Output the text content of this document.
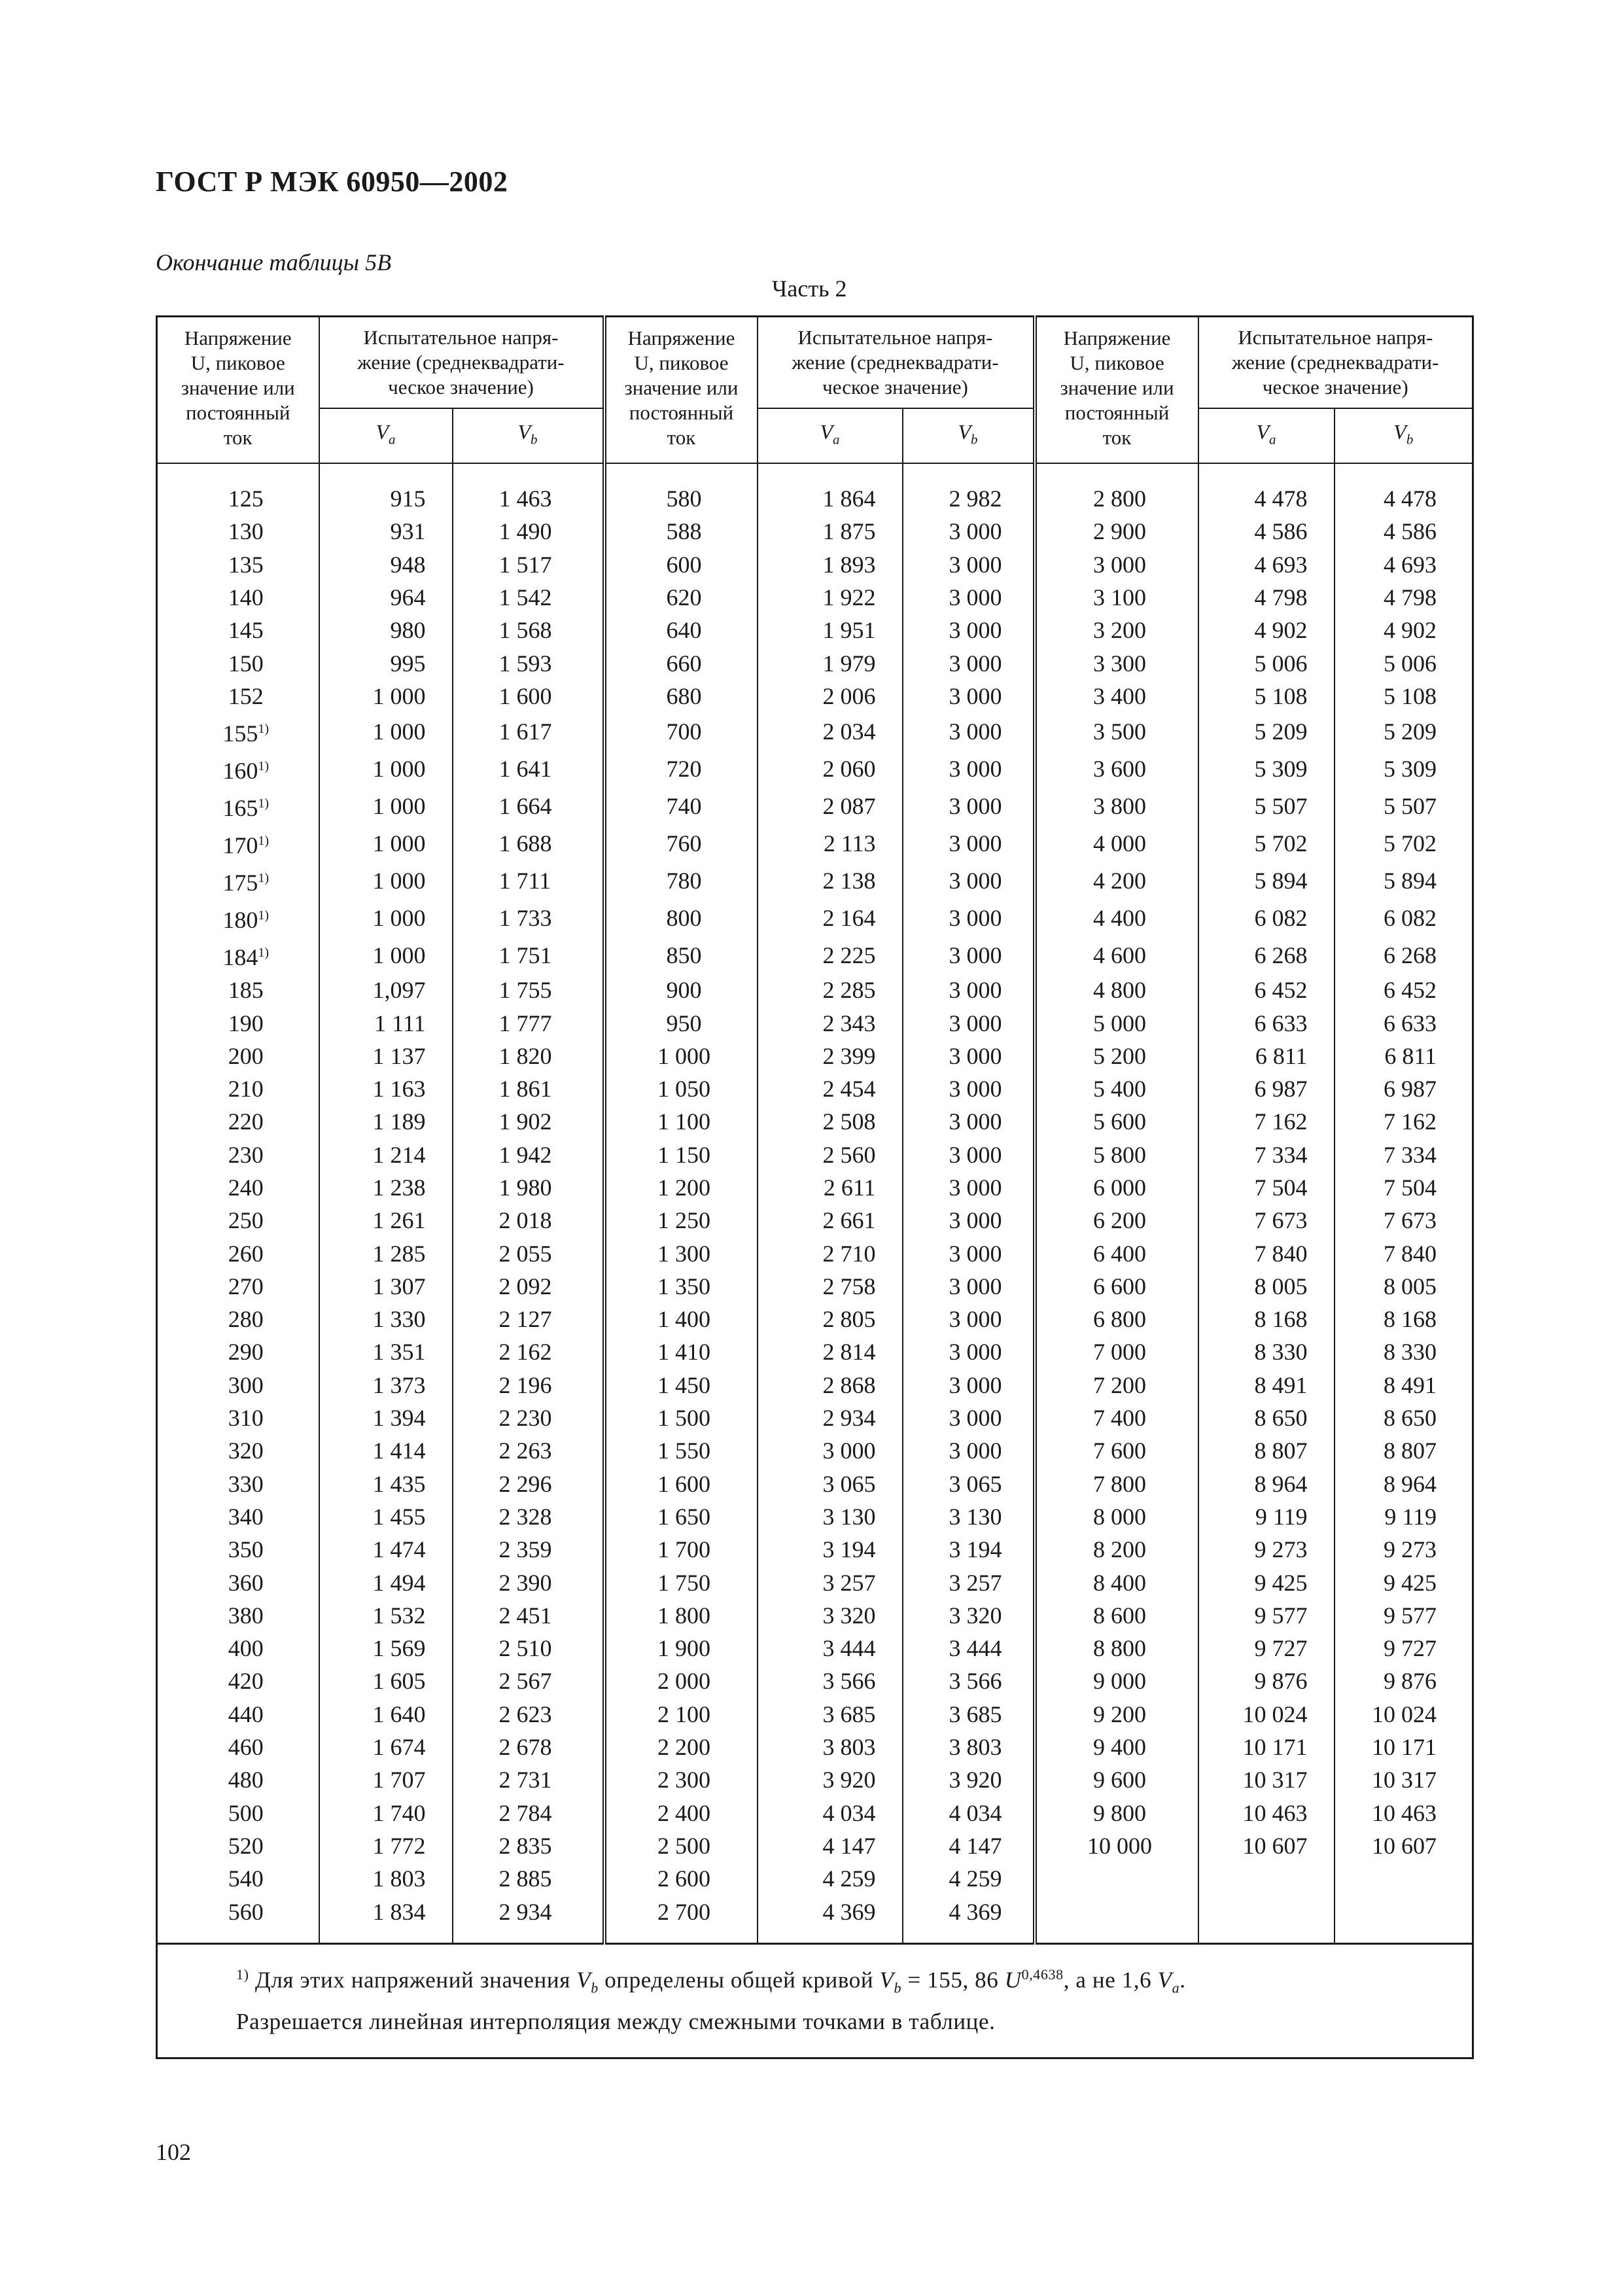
ГОСТ Р МЭК 60950—2002
Окончание таблицы 5В
Часть 2
Напряжение
U, пиковое
значение или
постоянный
ток	Испытательное напря-
жение (среднеквадрати-
ческое значение)		Напряжение
U, пиковое
значение или
постоянный
ток	Испытательное напря-
жение (среднеквадрати-
ческое значение)		Напряжение
U, пиковое
значение или
постоянный
ток	Испытательное напря-
жение (среднеквадрати-
ческое значение)	
	$V_a$	$V_b$		$V_a$	$V_b$		$V_a$	$V_b$

125	915	1 463	580	1 864	2 982	2 800	4 478	4 478
130	931	1 490	588	1 875	3 000	2 900	4 586	4 586
135	948	1 517	600	1 893	3 000	3 000	4 693	4 693
140	964	1 542	620	1 922	3 000	3 100	4 798	4 798
145	980	1 568	640	1 951	3 000	3 200	4 902	4 902
150	995	1 593	660	1 979	3 000	3 300	5 006	5 006
152	1 000	1 600	680	2 006	3 000	3 400	5 108	5 108
155$^{1)}$	1 000	1 617	700	2 034	3 000	3 500	5 209	5 209
160$^{1)}$	1 000	1 641	720	2 060	3 000	3 600	5 309	5 309
165$^{1)}$	1 000	1 664	740	2 087	3 000	3 800	5 507	5 507
170$^{1)}$	1 000	1 688	760	2 113	3 000	4 000	5 702	5 702
175$^{1)}$	1 000	1 711	780	2 138	3 000	4 200	5 894	5 894
180$^{1)}$	1 000	1 733	800	2 164	3 000	4 400	6 082	6 082
184$^{1)}$	1 000	1 751	850	2 225	3 000	4 600	6 268	6 268
185	1,097	1 755	900	2 285	3 000	4 800	6 452	6 452
190	1 111	1 777	950	2 343	3 000	5 000	6 633	6 633
200	1 137	1 820	1 000	2 399	3 000	5 200	6 811	6 811
210	1 163	1 861	1 050	2 454	3 000	5 400	6 987	6 987
220	1 189	1 902	1 100	2 508	3 000	5 600	7 162	7 162
230	1 214	1 942	1 150	2 560	3 000	5 800	7 334	7 334
240	1 238	1 980	1 200	2 611	3 000	6 000	7 504	7 504
250	1 261	2 018	1 250	2 661	3 000	6 200	7 673	7 673
260	1 285	2 055	1 300	2 710	3 000	6 400	7 840	7 840
270	1 307	2 092	1 350	2 758	3 000	6 600	8 005	8 005
280	1 330	2 127	1 400	2 805	3 000	6 800	8 168	8 168
290	1 351	2 162	1 410	2 814	3 000	7 000	8 330	8 330
300	1 373	2 196	1 450	2 868	3 000	7 200	8 491	8 491
310	1 394	2 230	1 500	2 934	3 000	7 400	8 650	8 650
320	1 414	2 263	1 550	3 000	3 000	7 600	8 807	8 807
330	1 435	2 296	1 600	3 065	3 065	7 800	8 964	8 964
340	1 455	2 328	1 650	3 130	3 130	8 000	9 119	9 119
350	1 474	2 359	1 700	3 194	3 194	8 200	9 273	9 273
360	1 494	2 390	1 750	3 257	3 257	8 400	9 425	9 425
380	1 532	2 451	1 800	3 320	3 320	8 600	9 577	9 577
400	1 569	2 510	1 900	3 444	3 444	8 800	9 727	9 727
420	1 605	2 567	2 000	3 566	3 566	9 000	9 876	9 876
440	1 640	2 623	2 100	3 685	3 685	9 200	10 024	10 024
460	1 674	2 678	2 200	3 803	3 803	9 400	10 171	10 171
480	1 707	2 731	2 300	3 920	3 920	9 600	10 317	10 317
500	1 740	2 784	2 400	4 034	4 034	9 800	10 463	10 463
520	1 772	2 835	2 500	4 147	4 147	10 000	10 607	10 607
540	1 803	2 885	2 600	4 259	4 259			
560	1 834	2 934	2 700	4 369	4 369			

$^{1)}$ Для этих напряжений значения $V_b$ определены общей кривой $V_b = 155$, 86 $U^{0,4638}$, а не 1,6 $V_a$.
Разрешается линейная интерполяция между смежными точками в таблице.								
102
